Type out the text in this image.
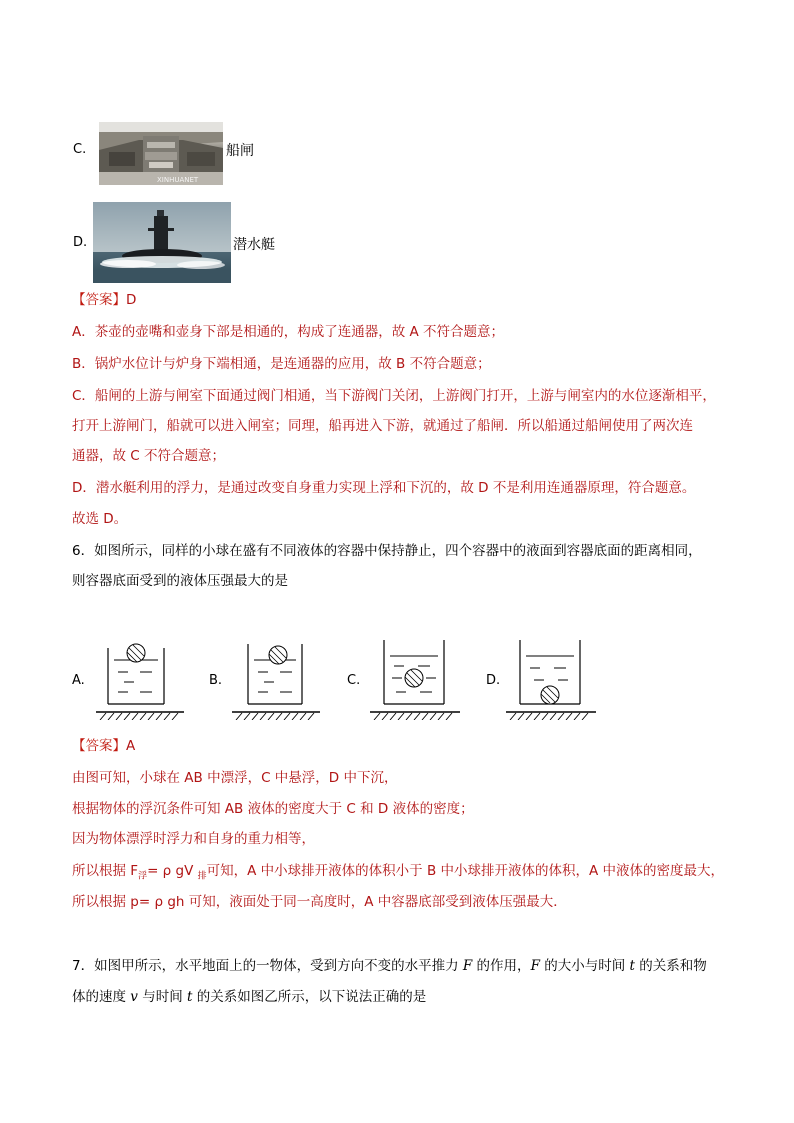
C.
XINHUANET
船闸
D.	潜水艇
【答案】D
A．茶壶的壶嘴和壶身下部是相通的，构成了连通器，故 A 不符合题意；
B．锅炉水位计与炉身下端相通，是连通器的应用，故 B 不符合题意；
C．船闸的上游与闸室下面通过阀门相通，当下游阀门关闭，上游阀门打开，上游与闸室内的水位逐渐相平，
打开上游闸门，船就可以进入闸室；同理，船再进入下游，就通过了船闸．所以船通过船闸使用了两次连
通器，故 C 不符合题意；
D．潜水艇利用的浮力，是通过改变自身重力实现上浮和下沉的，故 D 不是利用连通器原理，符合题意。
故选 D。
6．如图所示，同样的小球在盛有不同液体的容器中保持静止，四个容器中的液面到容器底面的距离相同，
则容器底面受到的液体压强最大的是
A.	B.	C.	D.
【答案】A
由图可知，小球在 AB 中漂浮，C 中悬浮，D 中下沉，
根据物体的浮沉条件可知 AB 液体的密度大于 C 和 D 液体的密度；
因为物体漂浮时浮力和自身的重力相等，
所以根据 $F_浮= \rho$ gV $_排$可知，A 中小球排开液体的体积小于 B 中小球排开液体的体积，A 中液体的密度最大，
所以根据 p= ρ gh 可知，液面处于同一高度时，A 中容器底部受到液体压强最大．
7．如图甲所示，水平地面上的一物体，受到方向不变的水平推力 F 的作用，F 的大小与时间 t 的关系和物
体的速度 v 与时间 t 的关系如图乙所示，以下说法正确的是
